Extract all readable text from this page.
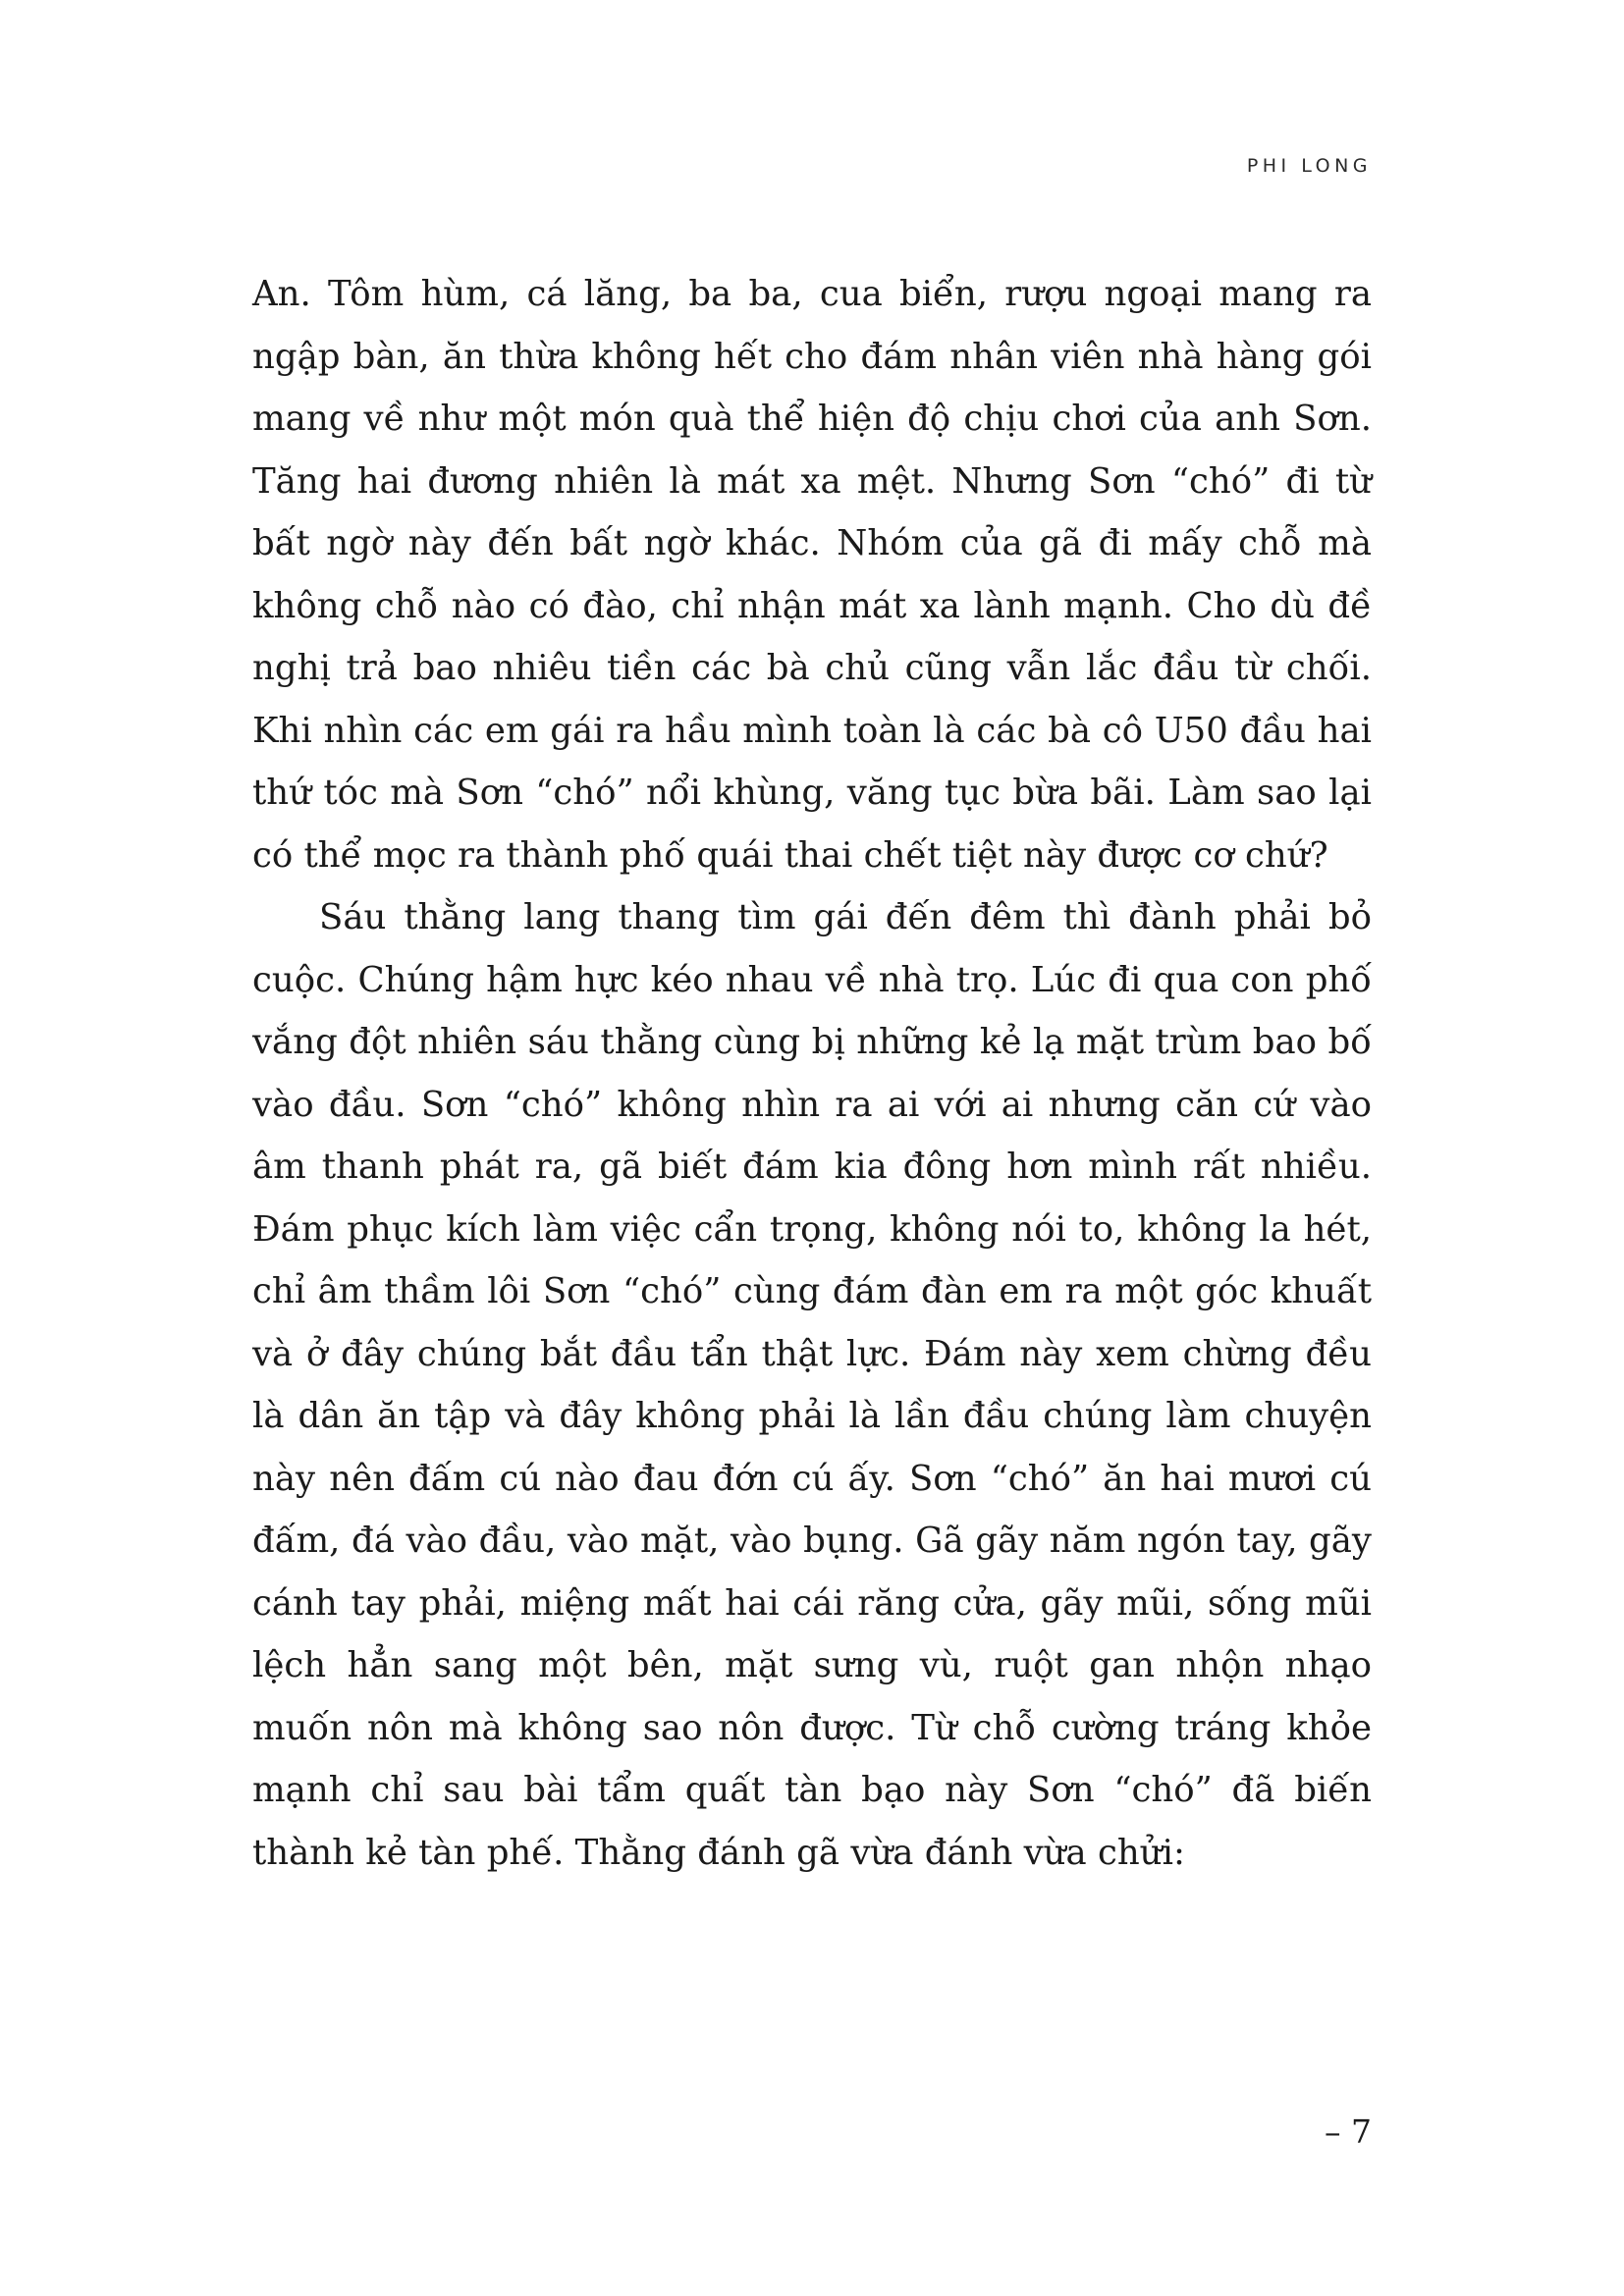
PHI LONG

An. Tôm hùm, cá lăng, ba ba, cua biển, rượu ngoại mang ra ngập bàn, ăn thừa không hết cho đám nhân viên nhà hàng gói mang về như một món quà thể hiện độ chịu chơi của anh Sơn. Tăng hai đương nhiên là mát xa mệt. Nhưng Sơn “chó” đi từ bất ngờ này đến bất ngờ khác. Nhóm của gã đi mấy chỗ mà không chỗ nào có đào, chỉ nhận mát xa lành mạnh. Cho dù đề nghị trả bao nhiêu tiền các bà chủ cũng vẫn lắc đầu từ chối. Khi nhìn các em gái ra hầu mình toàn là các bà cô U50 đầu hai thứ tóc mà Sơn “chó” nổi khùng, văng tục bừa bãi. Làm sao lại có thể mọc ra thành phố quái thai chết tiệt này được cơ chứ?

Sáu thằng lang thang tìm gái đến đêm thì đành phải bỏ cuộc. Chúng hậm hực kéo nhau về nhà trọ. Lúc đi qua con phố vắng đột nhiên sáu thằng cùng bị những kẻ lạ mặt trùm bao bố vào đầu. Sơn “chó” không nhìn ra ai với ai nhưng căn cứ vào âm thanh phát ra, gã biết đám kia đông hơn mình rất nhiều. Đám phục kích làm việc cẩn trọng, không nói to, không la hét, chỉ âm thầm lôi Sơn “chó” cùng đám đàn em ra một góc khuất và ở đây chúng bắt đầu tẩn thật lực. Đám này xem chừng đều là dân ăn tập và đây không phải là lần đầu chúng làm chuyện này nên đấm cú nào đau đớn cú ấy. Sơn “chó” ăn hai mươi cú đấm, đá vào đầu, vào mặt, vào bụng. Gã gãy năm ngón tay, gãy cánh tay phải, miệng mất hai cái răng cửa, gãy mũi, sống mũi lệch hẳn sang một bên, mặt sưng vù, ruột gan nhộn nhạo muốn nôn mà không sao nôn được. Từ chỗ cường tráng khỏe mạnh chỉ sau bài tẩm quất tàn bạo này Sơn “chó” đã biến thành kẻ tàn phế. Thằng đánh gã vừa đánh vừa chửi:

– 7
